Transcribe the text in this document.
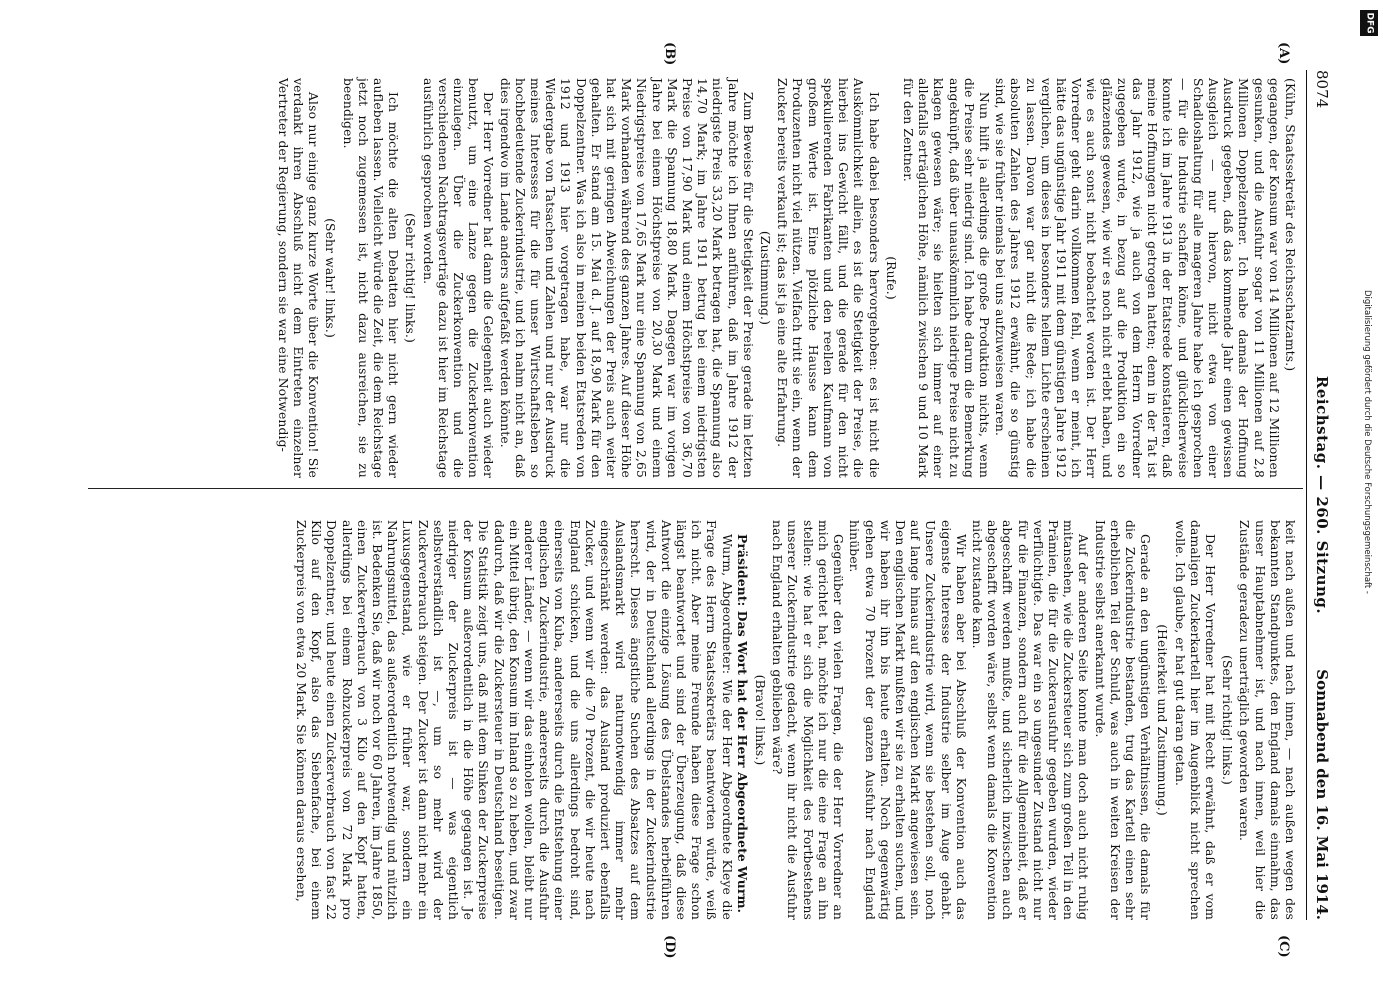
8074
Reichstag. — 260. Sitzung.
Sonnabend den 16. Mai 1914.
(A)
(B)
(C)
(D)

(Kühn, Staatssekretär des Reichsschatzamts.)

gegangen, der Konsum war von 14 Millionen auf 12 Millionen gesunken, und die Ausfuhr sogar von 11 Millionen auf 2,8 Millionen Doppelzentner. Ich habe damals der Hoffnung Ausdruck gegeben, daß das kommende Jahr einen gewissen Ausgleich — nur hiervon, nicht etwa von einer Schadloshaltung für alle mageren Jahre habe ich gesprochen — für die Industrie schaffen könne, und glücklicherweise konnte ich im Jahre 1913 in der Etatsrede konstatieren, daß meine Hoffnungen nicht getrogen hatten; denn in der Tat ist das Jahr 1912, wie ja auch von dem Herrn Vorredner zugegeben wurde, in bezug auf die Produktion ein so glänzendes gewesen, wie wir es noch nicht erlebt haben, und wie es auch sonst nicht beobachtet worden ist. Der Herr Vorredner geht darin vollkommen fehl, wenn er meint, ich hätte das ungünstige Jahr 1911 mit dem günstigen Jahre 1912 verglichen, um dieses in besonders hellem Lichte erscheinen zu lassen. Davon war gar nicht die Rede; ich habe die absoluten Zahlen des Jahres 1912 erwähnt, die so günstig sind, wie sie früher niemals bei uns aufzuweisen waren.

Nun hilft ja allerdings die große Produktion nichts, wenn die Preise sehr niedrig sind. Ich habe darum die Bemerkung angeknüpft, daß über unauskömmlich niedrige Preise nicht zu klagen gewesen wäre; sie hielten sich immer auf einer allenfalls erträglichen Höhe, nämlich zwischen 9 und 10 Mark für den Zentner.

(Rufe.)

Ich habe dabei besonders hervorgehoben: es ist nicht die Auskömmlichkeit allein, es ist die Stetigkeit der Preise, die hierbei ins Gewicht fällt, und die gerade für den nicht spekulierenden Fabrikanten und den reellen Kaufmann von großem Werte ist. Eine plötzliche Hausse kann dem Produzenten nicht viel nützen. Vielfach tritt sie ein, wenn der Zucker bereits verkauft ist; das ist ja eine alte Erfahrung.

(Zustimmung.)

Zum Beweise für die Stetigkeit der Preise gerade im letzten Jahre möchte ich Ihnen anführen, daß im Jahre 1912 der niedrigste Preis 33,20 Mark betragen hat, die Spannung also 14,70 Mark; im Jahre 1911 betrug bei einem niedrigsten Preise von 17,90 Mark und einem Höchstpreise von 36,70 Mark die Spannung 18,80 Mark. Dagegen war im vorigen Jahre bei einem Höchstpreise von 20,30 Mark und einem Niedrigstpreise von 17,65 Mark nur eine Spannung von 2,65 Mark vorhanden während des ganzen Jahres. Auf dieser Höhe hat sich mit geringen Abweichungen der Preis auch weiter gehalten. Er stand am 15. Mai d. J. auf 18,90 Mark für den Doppelzentner. Was ich also in meinen beiden Etatsreden von 1912 und 1913 hier vorgetragen habe, war nur die Wiedergabe von Tatsachen und Zahlen und nur der Ausdruck meines Interesses für die für unser Wirtschaftsleben so hochbedeutende Zuckerindustrie, und ich nahm nicht an, daß dies irgendwo im Lande anders aufgefaßt werden könnte.

Der Herr Vorredner hat dann die Gelegenheit auch wieder benutzt, um eine Lanze gegen die Zuckerkonvention einzulegen. Über die Zuckerkonvention und die verschiedenen Nachtragsverträge dazu ist hier im Reichstage ausführlich gesprochen worden.

(Sehr richtig! links.)

Ich möchte die alten Debatten hier nicht gern wieder aufleben lassen. Vielleicht würde die Zeit, die dem Reichstage jetzt noch zugemessen ist, nicht dazu ausreichen, sie zu beendigen.

(Sehr wahr! links.)

Also nur einige ganz kurze Worte über die Konvention! Sie verdankt ihren Abschluß nicht dem Eintreten einzelner Vertreter der Regierung, sondern sie war eine Notwendig-

keit nach außen und nach innen, — nach außen wegen des bekannten Standpunktes, den England damals einnahm, das unser Hauptabnehmer ist, und nach innen, weil hier die Zustände geradezu unerträglich geworden waren.

(Sehr richtig! links.)

Der Herr Vorredner hat mit Recht erwähnt, daß er vom damaligen Zuckerkartell hier im Augenblick nicht sprechen wolle. Ich glaube, er hat gut daran getan.

(Heiterkeit und Zustimmung.)

Gerade an den ungünstigen Verhältnissen, die damals für die Zuckerindustrie bestanden, trug das Kartell einen sehr erheblichen Teil der Schuld, was auch in weiten Kreisen der Industrie selbst anerkannt wurde.

Auf der anderen Seite konnte man doch auch nicht ruhig mitansehen, wie die Zuckersteuer sich zum großen Teil in den Prämien, die für die Zuckerausfuhr gegeben wurden, wieder verflüchtigte. Das war ein so ungesunder Zustand nicht nur für die Finanzen, sondern auch für die Allgemeinheit, daß er abgeschafft werden mußte, und sicherlich inzwischen auch abgeschafft worden wäre, selbst wenn damals die Konvention nicht zustande kam.

Wir haben aber bei Abschluß der Konvention auch das eigenste Interesse der Industrie selber im Auge gehabt. Unsere Zuckerindustrie wird, wenn sie bestehen soll, noch auf lange hinaus auf den englischen Markt angewiesen sein. Den englischen Markt mußten wir sie zu erhalten suchen, und wir haben ihr ihn bis heute erhalten. Noch gegenwärtig gehen etwa 70 Prozent der ganzen Ausfuhr nach England hinüber.

Gegenüber den vielen Fragen, die der Herr Vorredner an mich gerichtet hat, möchte ich nur die eine Frage an ihn stellen: wie hat er sich die Möglichkeit des Fortbestehens unserer Zuckerindustrie gedacht, wenn ihr nicht die Ausfuhr nach England erhalten geblieben wäre?

(Bravo! links.)

Präsident: Das Wort hat der Herr Abgeordnete Wurm.

Wurm, Abgeordneter: Wie der Herr Abgeordnete Kleye die Frage des Herrn Staatssekretärs beantworten würde, weiß ich nicht. Aber meine Freunde haben diese Frage schon längst beantwortet und sind der Überzeugung, daß diese Antwort die einzige Lösung des Übelstandes herbeiführen wird, der in Deutschland allerdings in der Zuckerindustrie herrscht. Dieses ängstliche Suchen des Absatzes auf dem Auslandsmarkt wird naturnotwendig immer mehr eingeschränkt werden: das Ausland produziert ebenfalls Zucker, und wenn wir die 70 Prozent, die wir heute nach England schicken, und die uns allerdings bedroht sind, einerseits von Kuba, andererseits durch die Entstehung einer englischen Zuckerindustrie, andererseits durch die Ausfuhr anderer Länder, — wenn wir das einholen wollen, bleibt nur ein Mittel übrig, den Konsum im Inland so zu heben, und zwar dadurch, daß wir die Zuckersteuer in Deutschland beseitigen. Die Statistik zeigt uns, daß mit dem Sinken der Zuckerpreise der Konsum außerordentlich in die Höhe gegangen ist. Je niedriger der Zuckerpreis ist — was eigentlich selbstverständlich ist —, um so mehr wird der Zuckerverbrauch steigen. Der Zucker ist dann nicht mehr ein Luxusgegenstand, wie er früher war, sondern ein Nahrungsmittel, das außerordentlich notwendig und nützlich ist. Bedenken Sie, daß wir noch vor 60 Jahren, im Jahre 1850, einen Zuckerverbrauch von 3 Kilo auf den Kopf hatten, allerdings bei einem Rohzuckerpreis von 72 Mark pro Doppelzentner, und heute einen Zuckerverbrauch von fast 22 Kilo auf den Kopf, also das Siebenfache, bei einem Zuckerpreis von etwa 20 Mark. Sie können daraus ersehen,

DFG
Digitalisierung gefördert durch die Deutsche Forschungsgemeinschaft -
